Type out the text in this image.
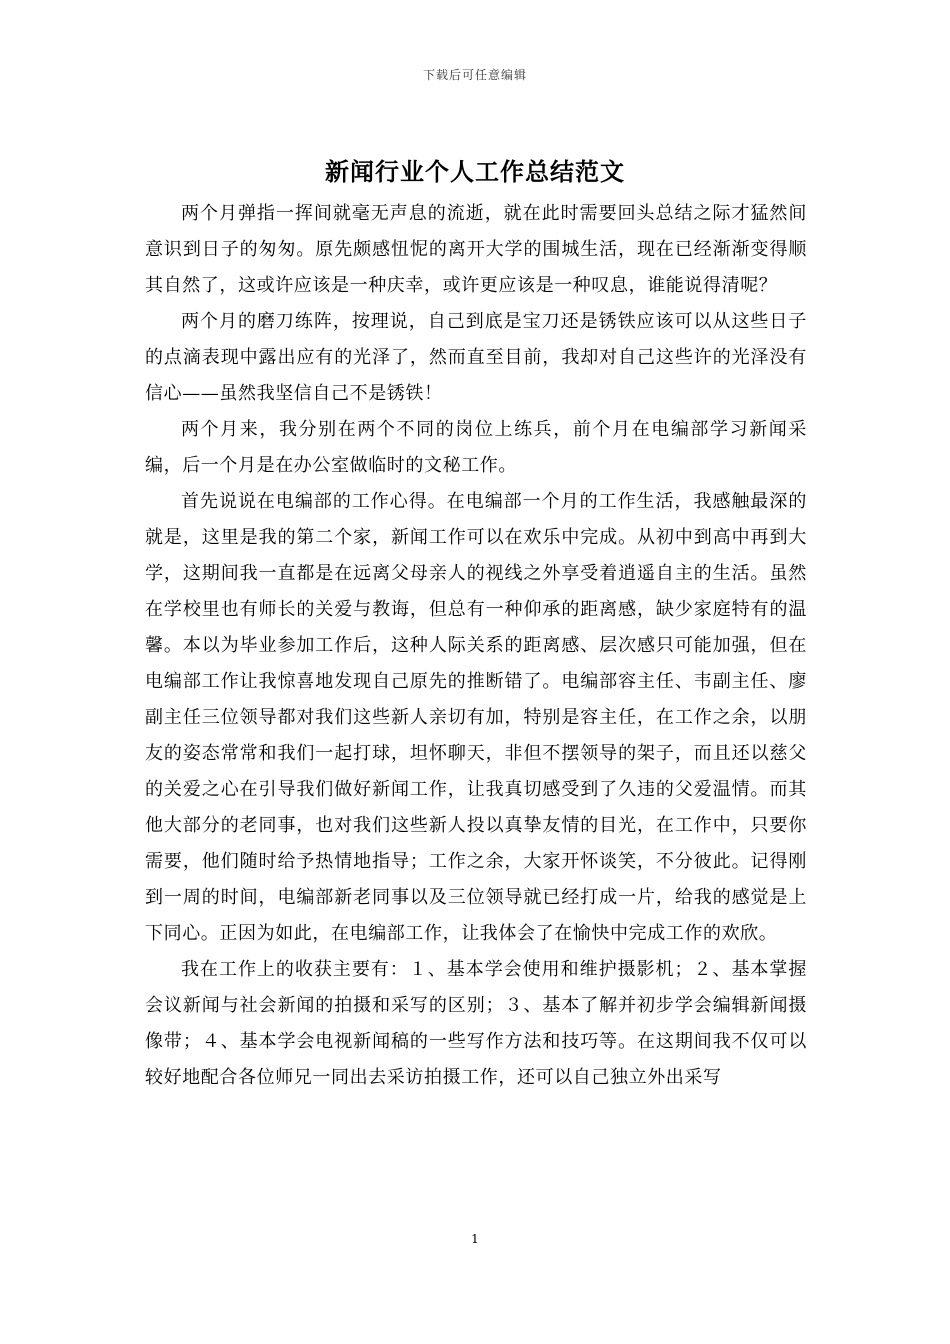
下载后可任意编辑
新闻行业个人工作总结范文

两个月弹指一挥间就毫无声息的流逝，就在此时需要回头总结之际才猛然间意识到日子的匆匆。原先颇感忸怩的离开大学的围城生活，现在已经渐渐变得顺其自然了，这或许应该是一种庆幸，或许更应该是一种叹息，谁能说得清呢？

两个月的磨刀练阵，按理说，自己到底是宝刀还是锈铁应该可以从这些日子的点滴表现中露出应有的光泽了，然而直至目前，我却对自己这些许的光泽没有信心——虽然我坚信自己不是锈铁！

两个月来，我分别在两个不同的岗位上练兵，前个月在电编部学习新闻采编，后一个月是在办公室做临时的文秘工作。

首先说说在电编部的工作心得。在电编部一个月的工作生活，我感触最深的就是，这里是我的第二个家，新闻工作可以在欢乐中完成。从初中到高中再到大学，这期间我一直都是在远离父母亲人的视线之外享受着逍遥自主的生活。虽然在学校里也有师长的关爱与教诲，但总有一种仰承的距离感，缺少家庭特有的温馨。本以为毕业参加工作后，这种人际关系的距离感、层次感只可能加强，但在电编部工作让我惊喜地发现自己原先的推断错了。电编部容主任、韦副主任、廖副主任三位领导都对我们这些新人亲切有加，特别是容主任，在工作之余，以朋友的姿态常常和我们一起打球，坦怀聊天，非但不摆领导的架子，而且还以慈父的关爱之心在引导我们做好新闻工作，让我真切感受到了久违的父爱温情。而其他大部分的老同事，也对我们这些新人投以真挚友情的目光，在工作中，只要你需要，他们随时给予热情地指导；工作之余，大家开怀谈笑，不分彼此。记得刚到一周的时间，电编部新老同事以及三位领导就已经打成一片，给我的感觉是上下同心。正因为如此，在电编部工作，让我体会了在愉快中完成工作的欢欣。

我在工作上的收获主要有：１、基本学会使用和维护摄影机；２、基本掌握会议新闻与社会新闻的拍摄和采写的区别；３、基本了解并初步学会编辑新闻摄像带；４、基本学会电视新闻稿的一些写作方法和技巧等。在这期间我不仅可以较好地配合各位师兄一同出去采访拍摄工作，还可以自己独立外出采写

1
